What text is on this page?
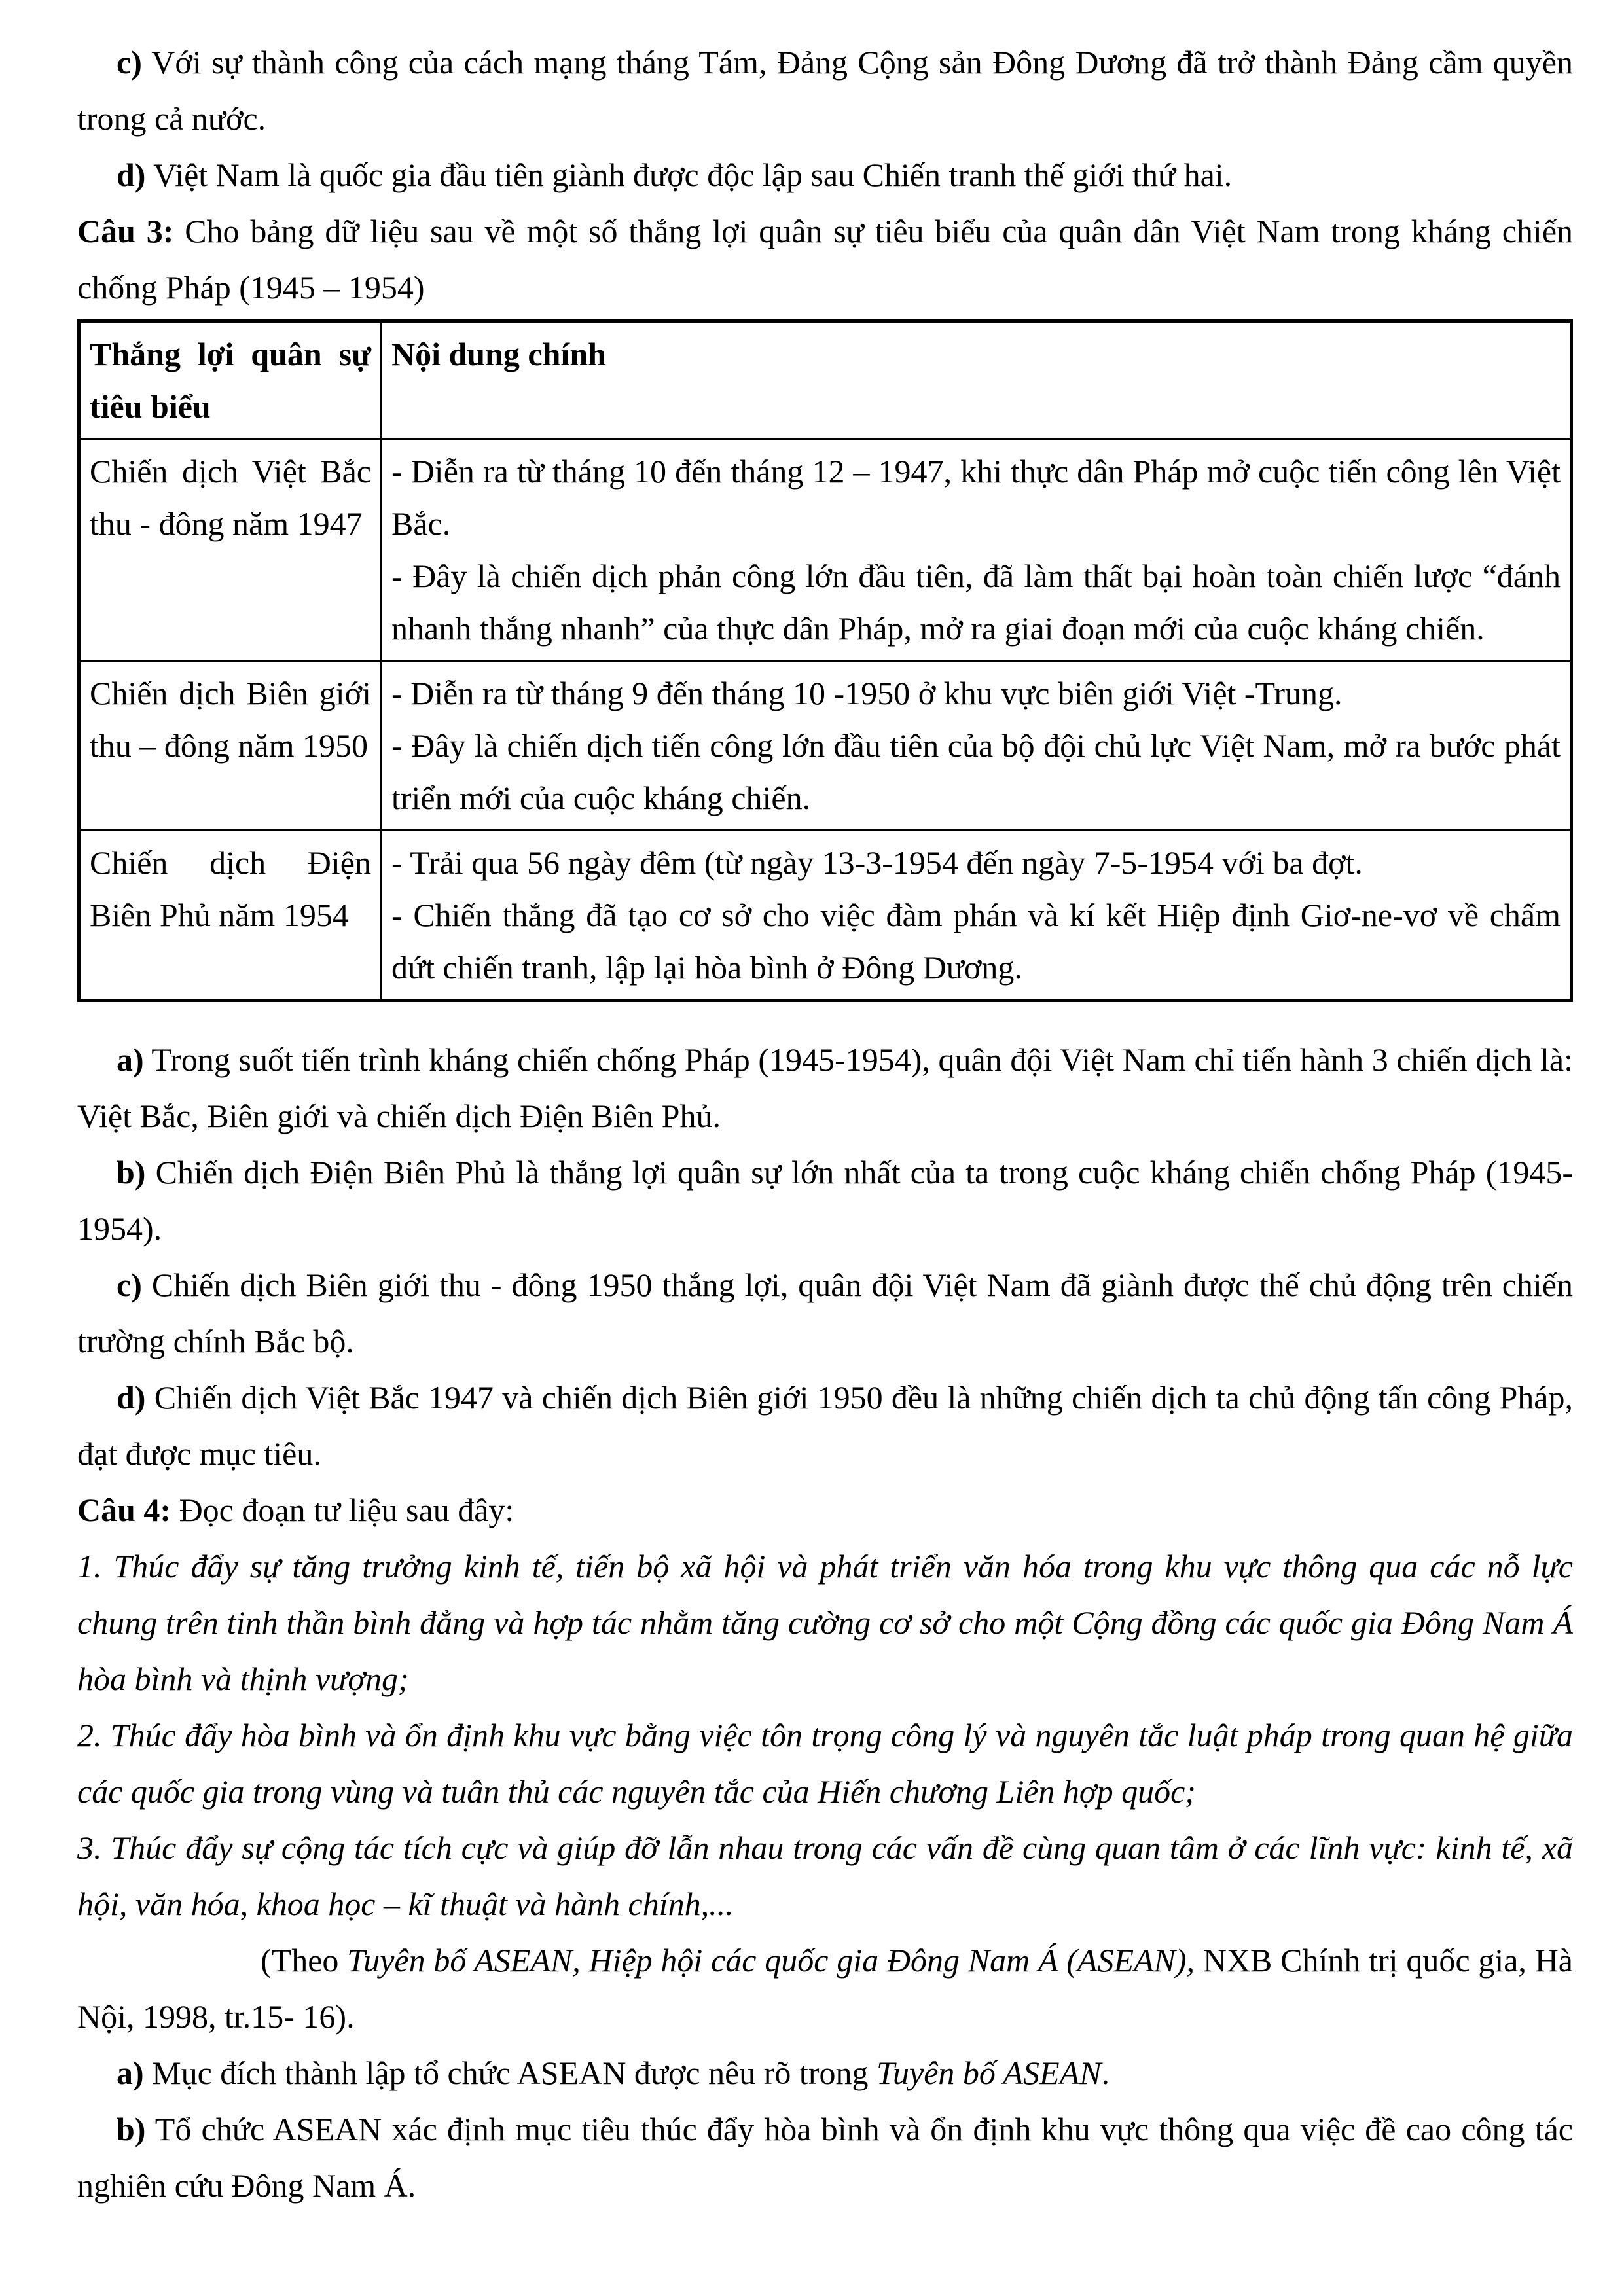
c) Với sự thành công của cách mạng tháng Tám, Đảng Cộng sản Đông Dương đã trở thành Đảng cầm quyền trong cả nước.

d) Việt Nam là quốc gia đầu tiên giành được độc lập sau Chiến tranh thế giới thứ hai.

Câu 3: Cho bảng dữ liệu sau về một số thắng lợi quân sự tiêu biểu của quân dân Việt Nam trong kháng chiến chống Pháp (1945 – 1954)

Thắng lợi quân sự tiêu biểu	Nội dung chính
Chiến dịch Việt Bắc thu - đông năm 1947	- Diễn ra từ tháng 10 đến tháng 12 – 1947, khi thực dân Pháp mở cuộc tiến công lên Việt Bắc.

- Đây là chiến dịch phản công lớn đầu tiên, đã làm thất bại hoàn toàn chiến lược “đánh nhanh thắng nhanh” của thực dân Pháp, mở ra giai đoạn mới của cuộc kháng chiến.

Chiến dịch Biên giới thu – đông năm 1950	- Diễn ra từ tháng 9 đến tháng 10 -1950 ở khu vực biên giới Việt -Trung.

- Đây là chiến dịch tiến công lớn đầu tiên của bộ đội chủ lực Việt Nam, mở ra bước phát triển mới của cuộc kháng chiến.

Chiến dịch Điện Biên Phủ năm 1954	- Trải qua 56 ngày đêm (từ ngày 13-3-1954 đến ngày 7-5-1954 với ba đợt.

- Chiến thắng đã tạo cơ sở cho việc đàm phán và kí kết Hiệp định Giơ-ne-vơ về chấm dứt chiến tranh, lập lại hòa bình ở Đông Dương.

a) Trong suốt tiến trình kháng chiến chống Pháp (1945-1954), quân đội Việt Nam chỉ tiến hành 3 chiến dịch là: Việt Bắc, Biên giới và chiến dịch Điện Biên Phủ.

b) Chiến dịch Điện Biên Phủ là thắng lợi quân sự lớn nhất của ta trong cuộc kháng chiến chống Pháp (1945-1954).

c) Chiến dịch Biên giới thu - đông 1950 thắng lợi, quân đội Việt Nam đã giành được thế chủ động trên chiến trường chính Bắc bộ.

d) Chiến dịch Việt Bắc 1947 và chiến dịch Biên giới 1950 đều là những chiến dịch ta chủ động tấn công Pháp, đạt được mục tiêu.

Câu 4: Đọc đoạn tư liệu sau đây:

1. Thúc đẩy sự tăng trưởng kinh tế, tiến bộ xã hội và phát triển văn hóa trong khu vực thông qua các nỗ lực chung trên tinh thần bình đẳng và hợp tác nhằm tăng cường cơ sở cho một Cộng đồng các quốc gia Đông Nam Á hòa bình và thịnh vượng;

2. Thúc đẩy hòa bình và ổn định khu vực bằng việc tôn trọng công lý và nguyên tắc luật pháp trong quan hệ giữa các quốc gia trong vùng và tuân thủ các nguyên tắc của Hiến chương Liên hợp quốc;

3. Thúc đẩy sự cộng tác tích cực và giúp đỡ lẫn nhau trong các vấn đề cùng quan tâm ở các lĩnh vực: kinh tế, xã hội, văn hóa, khoa học – kĩ thuật và hành chính,...

(Theo Tuyên bố ASEAN, Hiệp hội các quốc gia Đông Nam Á (ASEAN), NXB Chính trị quốc gia, Hà Nội, 1998, tr.15- 16).

a) Mục đích thành lập tổ chức ASEAN được nêu rõ trong Tuyên bố ASEAN.

b) Tổ chức ASEAN xác định mục tiêu thúc đẩy hòa bình và ổn định khu vực thông qua việc đề cao công tác nghiên cứu Đông Nam Á.
